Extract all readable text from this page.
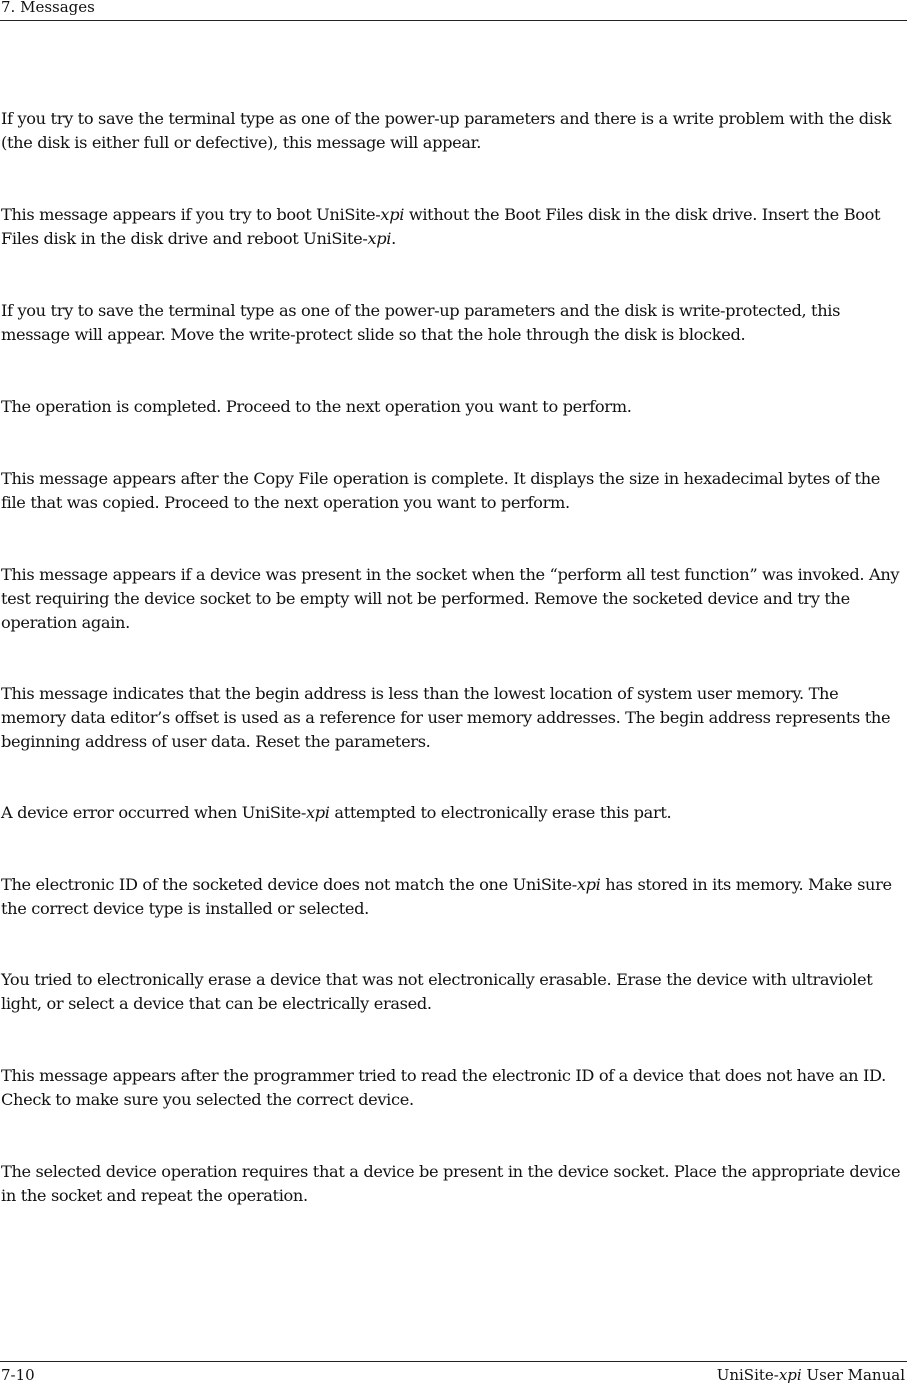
7. Messages

If you try to save the terminal type as one of the power-up parameters and there is a write problem with the disk (the disk is either full or defective), this message will appear.

This message appears if you try to boot UniSite-xpi without the Boot Files disk in the disk drive. Insert the Boot Files disk in the disk drive and reboot UniSite-xpi.

If you try to save the terminal type as one of the power-up parameters and the disk is write-protected, this message will appear. Move the write-protect slide so that the hole through the disk is blocked.

The operation is completed. Proceed to the next operation you want to perform.

This message appears after the Copy File operation is complete. It displays the size in hexadecimal bytes of the file that was copied. Proceed to the next operation you want to perform.

This message appears if a device was present in the socket when the “perform all test function” was invoked. Any test requiring the device socket to be empty will not be performed. Remove the socketed device and try the operation again.

This message indicates that the begin address is less than the lowest location of system user memory. The memory data editor’s offset is used as a reference for user memory addresses. The begin address represents the beginning address of user data. Reset the parameters.

A device error occurred when UniSite-xpi attempted to electronically erase this part.

The electronic ID of the socketed device does not match the one UniSite-xpi has stored in its memory. Make sure the correct device type is installed or selected.

You tried to electronically erase a device that was not electronically erasable. Erase the device with ultraviolet light, or select a device that can be electrically erased.

This message appears after the programmer tried to read the electronic ID of a device that does not have an ID. Check to make sure you selected the correct device.

The selected device operation requires that a device be present in the device socket. Place the appropriate device in the socket and repeat the operation.

7-10	UniSite-xpi User Manual
